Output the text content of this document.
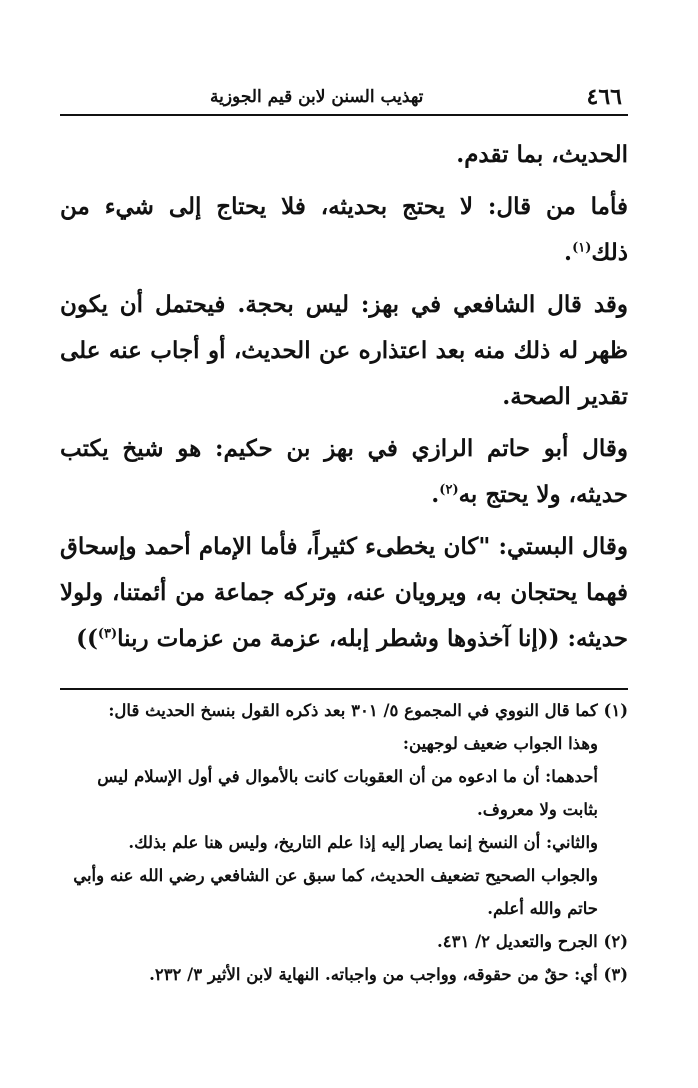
٤٦٦
تهذيب السنن لابن قيم الجوزية

الحديث، بما تقدم.

فأما من قال: لا يحتج بحديثه، فلا يحتاج إلى شيء من ذلك$^{(١)}$.

وقد قال الشافعي في بهز: ليس بحجة. فيحتمل أن يكون ظهر له ذلك منه بعد اعتذاره عن الحديث، أو أجاب عنه على تقدير الصحة.

وقال أبو حاتم الرازي في بهز بن حكيم: هو شيخ يكتب حديثه، ولا يحتج به$^{(٢)}$.

وقال البستي: "كان يخطىء كثيراً، فأما الإمام أحمد وإسحاق فهما يحتجان به، ويرويان عنه، وتركه جماعة من أئمتنا، ولولا حديثه: ((إنا آخذوها وشطر إبله، عزمة من عزمات ربنا$^{(٣)}$))

(١) كما قال النووي في المجموع ٥/ ٣٠١ بعد ذكره القول بنسخ الحديث قال:

وهذا الجواب ضعيف لوجهين:

أحدهما: أن ما ادعوه من أن العقوبات كانت بالأموال في أول الإسلام ليس بثابت ولا معروف.

والثاني: أن النسخ إنما يصار إليه إذا علم التاريخ، وليس هنا علم بذلك.

والجواب الصحيح تضعيف الحديث، كما سبق عن الشافعي رضي الله عنه وأبي حاتم والله أعلم.

(٢) الجرح والتعديل ٢/ ٤٣١.

(٣) أي: حقٌ من حقوقه، وواجب من واجباته. النهاية لابن الأثير ٣/ ٢٣٢.
